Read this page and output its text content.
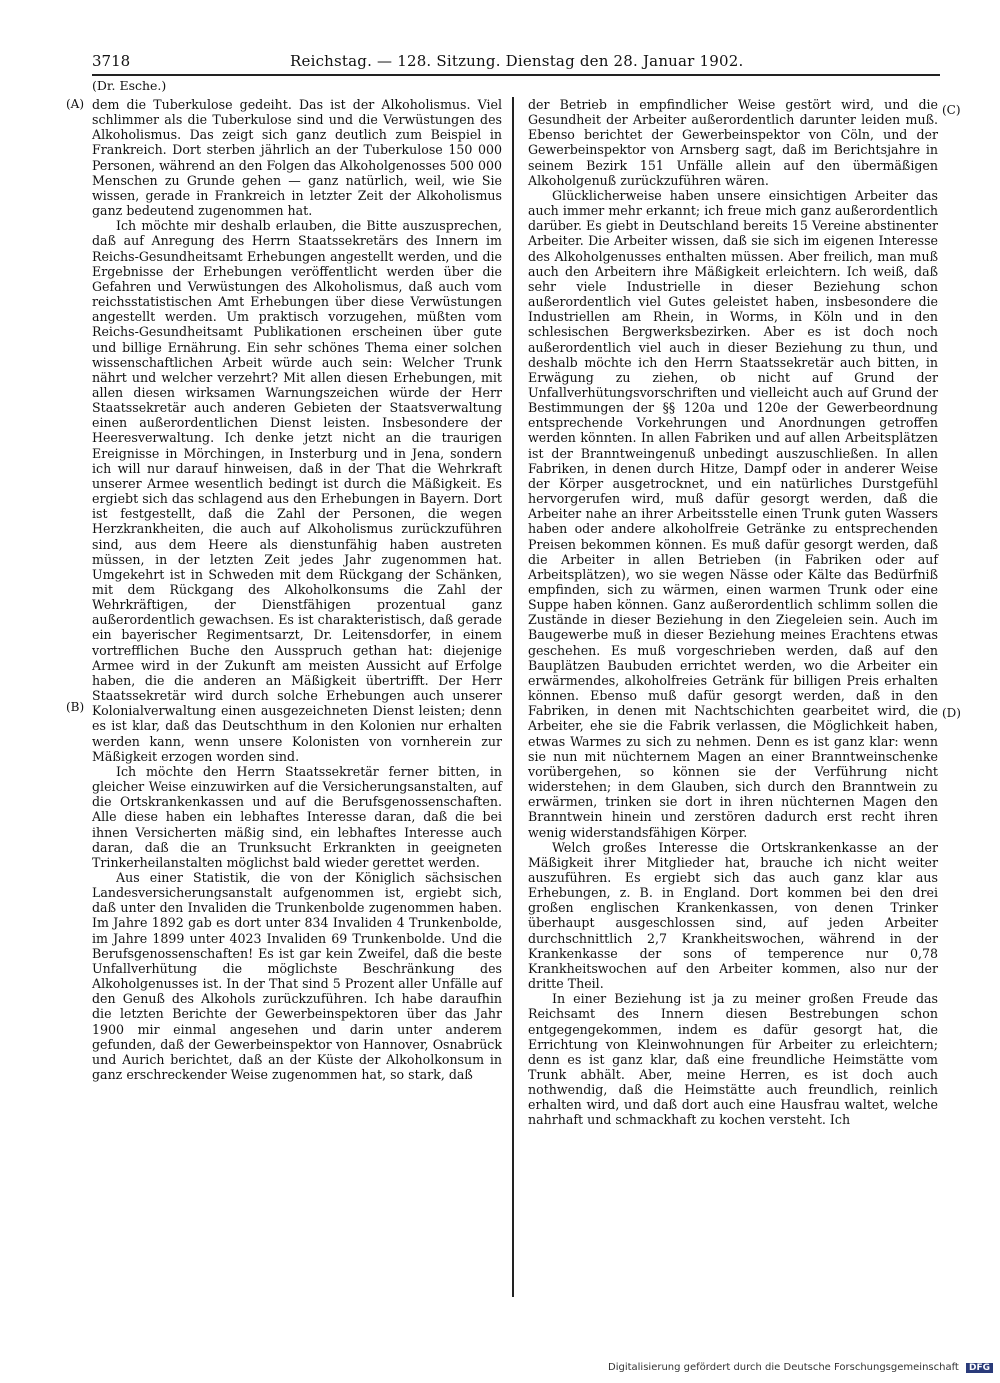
3718	Reichstag. — 128. Sitzung. Dienstag den 28. Januar 1902.
(Dr. Esche.)
(A)
(B)
(C)
(D)

dem die Tuberkulose gedeiht. Das ist der Alkoholismus. Viel schlimmer als die Tuberkulose sind und die Verwüstungen des Alkoholismus. Das zeigt sich ganz deutlich zum Beispiel in Frankreich. Dort sterben jährlich an der Tuberkulose 150 000 Personen, während an den Folgen das Alkoholgenosses 500 000 Menschen zu Grunde gehen — ganz natürlich, weil, wie Sie wissen, gerade in Frankreich in letzter Zeit der Alkoholismus ganz bedeutend zugenommen hat.

Ich möchte mir deshalb erlauben, die Bitte auszusprechen, daß auf Anregung des Herrn Staatssekretärs des Innern im Reichs-Gesundheitsamt Erhebungen angestellt werden, und die Ergebnisse der Erhebungen veröffentlicht werden über die Gefahren und Verwüstungen des Alkoholismus, daß auch vom reichsstatistischen Amt Erhebungen über diese Verwüstungen angestellt werden. Um praktisch vorzugehen, müßten vom Reichs-Gesundheitsamt Publikationen erscheinen über gute und billige Ernährung. Ein sehr schönes Thema einer solchen wissenschaftlichen Arbeit würde auch sein: Welcher Trunk nährt und welcher verzehrt? Mit allen diesen Erhebungen, mit allen diesen wirksamen Warnungszeichen würde der Herr Staatssekretär auch anderen Gebieten der Staatsverwaltung einen außerordentlichen Dienst leisten. Insbesondere der Heeresverwaltung. Ich denke jetzt nicht an die traurigen Ereignisse in Mörchingen, in Insterburg und in Jena, sondern ich will nur darauf hinweisen, daß in der That die Wehrkraft unserer Armee wesentlich bedingt ist durch die Mäßigkeit. Es ergiebt sich das schlagend aus den Erhebungen in Bayern. Dort ist festgestellt, daß die Zahl der Personen, die wegen Herzkrankheiten, die auch auf Alkoholismus zurückzuführen sind, aus dem Heere als dienstunfähig haben austreten müssen, in der letzten Zeit jedes Jahr zugenommen hat. Umgekehrt ist in Schweden mit dem Rückgang der Schänken, mit dem Rückgang des Alkoholkonsums die Zahl der Wehrkräftigen, der Dienstfähigen prozentual ganz außerordentlich gewachsen. Es ist charakteristisch, daß gerade ein bayerischer Regimentsarzt, Dr. Leitensdorfer, in einem vortrefflichen Buche den Ausspruch gethan hat: diejenige Armee wird in der Zukunft am meisten Aussicht auf Erfolge haben, die die anderen an Mäßigkeit übertrifft. Der Herr Staatssekretär wird durch solche Erhebungen auch unserer Kolonialverwaltung einen ausgezeichneten Dienst leisten; denn es ist klar, daß das Deutschthum in den Kolonien nur erhalten werden kann, wenn unsere Kolonisten von vornherein zur Mäßigkeit erzogen worden sind.

Ich möchte den Herrn Staatssekretär ferner bitten, in gleicher Weise einzuwirken auf die Versicherungsanstalten, auf die Ortskrankenkassen und auf die Berufsgenossenschaften. Alle diese haben ein lebhaftes Interesse daran, daß die bei ihnen Versicherten mäßig sind, ein lebhaftes Interesse auch daran, daß die an Trunksucht Erkrankten in geeigneten Trinkerheilanstalten möglichst bald wieder gerettet werden.

Aus einer Statistik, die von der Königlich sächsischen Landesversicherungsanstalt aufgenommen ist, ergiebt sich, daß unter den Invaliden die Trunkenbolde zugenommen haben. Im Jahre 1892 gab es dort unter 834 Invaliden 4 Trunkenbolde, im Jahre 1899 unter 4023 Invaliden 69 Trunkenbolde. Und die Berufsgenossenschaften! Es ist gar kein Zweifel, daß die beste Unfallverhütung die möglichste Beschränkung des Alkoholgenusses ist. In der That sind 5 Prozent aller Unfälle auf den Genuß des Alkohols zurückzuführen. Ich habe daraufhin die letzten Berichte der Gewerbeinspektoren über das Jahr 1900 mir einmal angesehen und darin unter anderem gefunden, daß der Gewerbeinspektor von Hannover, Osnabrück und Aurich berichtet, daß an der Küste der Alkoholkonsum in ganz erschreckender Weise zugenommen hat, so stark, daß

der Betrieb in empfindlicher Weise gestört wird, und die Gesundheit der Arbeiter außerordentlich darunter leiden muß. Ebenso berichtet der Gewerbeinspektor von Cöln, und der Gewerbeinspektor von Arnsberg sagt, daß im Berichtsjahre in seinem Bezirk 151 Unfälle allein auf den übermäßigen Alkoholgenuß zurückzuführen wären.

Glücklicherweise haben unsere einsichtigen Arbeiter das auch immer mehr erkannt; ich freue mich ganz außerordentlich darüber. Es giebt in Deutschland bereits 15 Vereine abstinenter Arbeiter. Die Arbeiter wissen, daß sie sich im eigenen Interesse des Alkoholgenusses enthalten müssen. Aber freilich, man muß auch den Arbeitern ihre Mäßigkeit erleichtern. Ich weiß, daß sehr viele Industrielle in dieser Beziehung schon außerordentlich viel Gutes geleistet haben, insbesondere die Industriellen am Rhein, in Worms, in Köln und in den schlesischen Bergwerksbezirken. Aber es ist doch noch außerordentlich viel auch in dieser Beziehung zu thun, und deshalb möchte ich den Herrn Staatssekretär auch bitten, in Erwägung zu ziehen, ob nicht auf Grund der Unfallverhütungsvorschriften und vielleicht auch auf Grund der Bestimmungen der §§ 120a und 120e der Gewerbeordnung entsprechende Vorkehrungen und Anordnungen getroffen werden könnten. In allen Fabriken und auf allen Arbeitsplätzen ist der Branntweingenuß unbedingt auszuschließen. In allen Fabriken, in denen durch Hitze, Dampf oder in anderer Weise der Körper ausgetrocknet, und ein natürliches Durstgefühl hervorgerufen wird, muß dafür gesorgt werden, daß die Arbeiter nahe an ihrer Arbeitsstelle einen Trunk guten Wassers haben oder andere alkoholfreie Getränke zu entsprechenden Preisen bekommen können. Es muß dafür gesorgt werden, daß die Arbeiter in allen Betrieben (in Fabriken oder auf Arbeitsplätzen), wo sie wegen Nässe oder Kälte das Bedürfniß empfinden, sich zu wärmen, einen warmen Trunk oder eine Suppe haben können. Ganz außerordentlich schlimm sollen die Zustände in dieser Beziehung in den Ziegeleien sein. Auch im Baugewerbe muß in dieser Beziehung meines Erachtens etwas geschehen. Es muß vorgeschrieben werden, daß auf den Bauplätzen Baubuden errichtet werden, wo die Arbeiter ein erwärmendes, alkoholfreies Getränk für billigen Preis erhalten können. Ebenso muß dafür gesorgt werden, daß in den Fabriken, in denen mit Nachtschichten gearbeitet wird, die Arbeiter, ehe sie die Fabrik verlassen, die Möglichkeit haben, etwas Warmes zu sich zu nehmen. Denn es ist ganz klar: wenn sie nun mit nüchternem Magen an einer Branntweinschenke vorübergehen, so können sie der Verführung nicht widerstehen; in dem Glauben, sich durch den Branntwein zu erwärmen, trinken sie dort in ihren nüchternen Magen den Branntwein hinein und zerstören dadurch erst recht ihren wenig widerstandsfähigen Körper.

Welch großes Interesse die Ortskrankenkasse an der Mäßigkeit ihrer Mitglieder hat, brauche ich nicht weiter auszuführen. Es ergiebt sich das auch ganz klar aus Erhebungen, z. B. in England. Dort kommen bei den drei großen englischen Krankenkassen, von denen Trinker überhaupt ausgeschlossen sind, auf jeden Arbeiter durchschnittlich 2,7 Krankheitswochen, während in der Krankenkasse der sons of temperence nur 0,78 Krankheitswochen auf den Arbeiter kommen, also nur der dritte Theil.

In einer Beziehung ist ja zu meiner großen Freude das Reichsamt des Innern diesen Bestrebungen schon entgegengekommen, indem es dafür gesorgt hat, die Errichtung von Kleinwohnungen für Arbeiter zu erleichtern; denn es ist ganz klar, daß eine freundliche Heimstätte vom Trunk abhält. Aber, meine Herren, es ist doch auch nothwendig, daß die Heimstätte auch freundlich, reinlich erhalten wird, und daß dort auch eine Hausfrau waltet, welche nahrhaft und schmackhaft zu kochen versteht. Ich

Digitalisierung gefördert durch die Deutsche Forschungsgemeinschaft DFG
